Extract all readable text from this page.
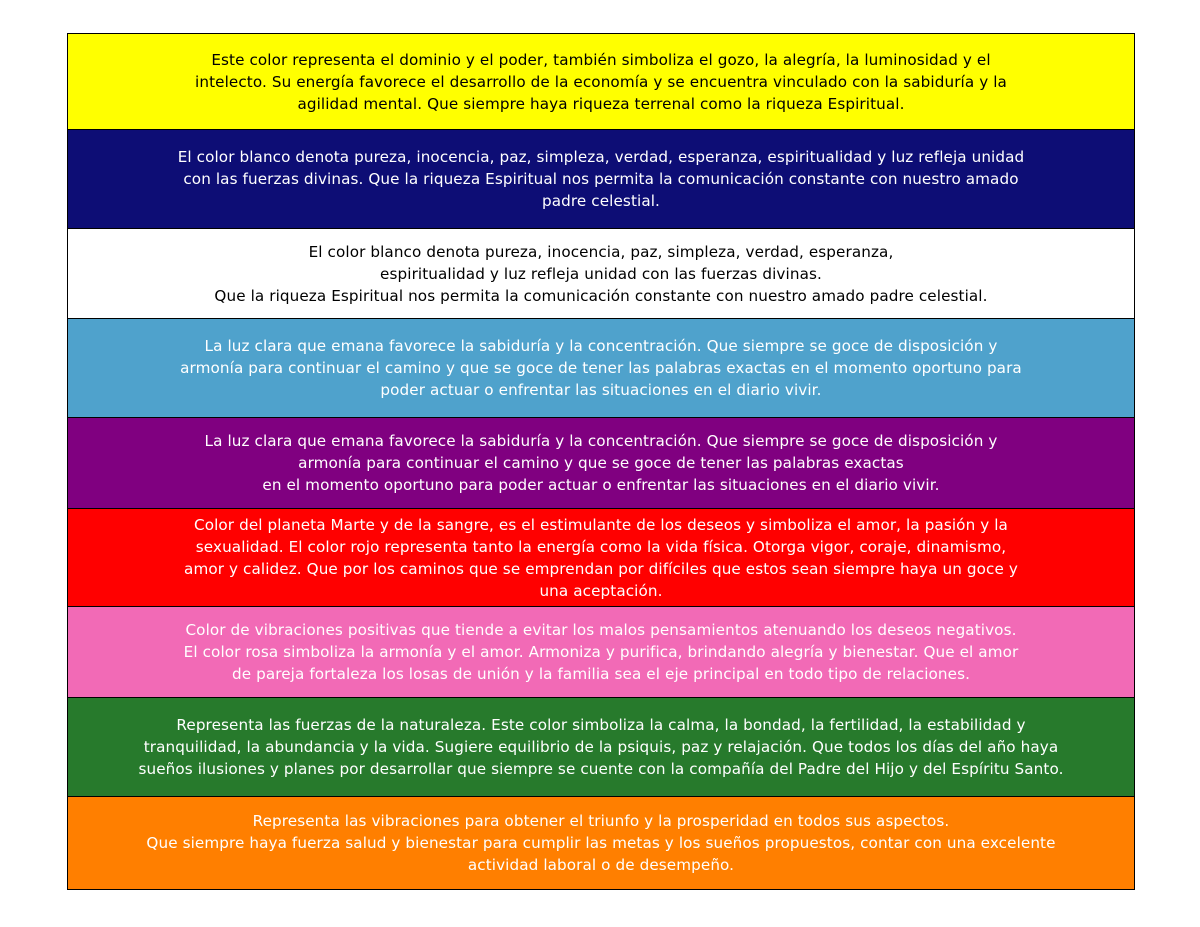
Este color representa el dominio y el poder, también simboliza el gozo, la alegría, la luminosidad y el
intelecto. Su energía favorece el desarrollo de la economía y se encuentra vinculado con la sabiduría y la
agilidad mental. Que siempre haya riqueza terrenal como la riqueza Espiritual.

El color blanco denota pureza, inocencia, paz, simpleza, verdad, esperanza, espiritualidad y luz refleja unidad
con las fuerzas divinas. Que la riqueza Espiritual nos permita la comunicación constante con nuestro amado
padre celestial.

El color blanco denota pureza, inocencia, paz, simpleza, verdad, esperanza,
espiritualidad y luz refleja unidad con las fuerzas divinas.
Que la riqueza Espiritual nos permita la comunicación constante con nuestro amado padre celestial.

La luz clara que emana favorece la sabiduría y la concentración. Que siempre se goce de disposición y
armonía para continuar el camino y que se goce de tener las palabras exactas en el momento oportuno para
poder actuar o enfrentar las situaciones en el diario vivir.

La luz clara que emana favorece la sabiduría y la concentración. Que siempre se goce de disposición y
armonía para continuar el camino y que se goce de tener las palabras exactas
en el momento oportuno para poder actuar o enfrentar las situaciones en el diario vivir.

Color del planeta Marte y de la sangre, es el estimulante de los deseos y simboliza el amor, la pasión y la
sexualidad. El color rojo representa tanto la energía como la vida física. Otorga vigor, coraje, dinamismo,
amor y calidez. Que por los caminos que se emprendan por difíciles que estos sean siempre haya un goce y
una aceptación.

Color de vibraciones positivas que tiende a evitar los malos pensamientos atenuando los deseos negativos.
El color rosa simboliza la armonía y el amor. Armoniza y purifica, brindando alegría y bienestar. Que el amor
de pareja fortaleza los losas de unión y la familia sea el eje principal en todo tipo de relaciones.

Representa las fuerzas de la naturaleza. Este color simboliza la calma, la bondad, la fertilidad, la estabilidad y
tranquilidad, la abundancia y la vida. Sugiere equilibrio de la psiquis, paz y relajación. Que todos los días del año haya
sueños ilusiones y planes por desarrollar que siempre se cuente con la compañía del Padre del Hijo y del Espíritu Santo.

Representa las vibraciones para obtener el triunfo y la prosperidad en todos sus aspectos.
Que siempre haya fuerza salud y bienestar para cumplir las metas y los sueños propuestos, contar con una excelente
actividad laboral o de desempeño.
